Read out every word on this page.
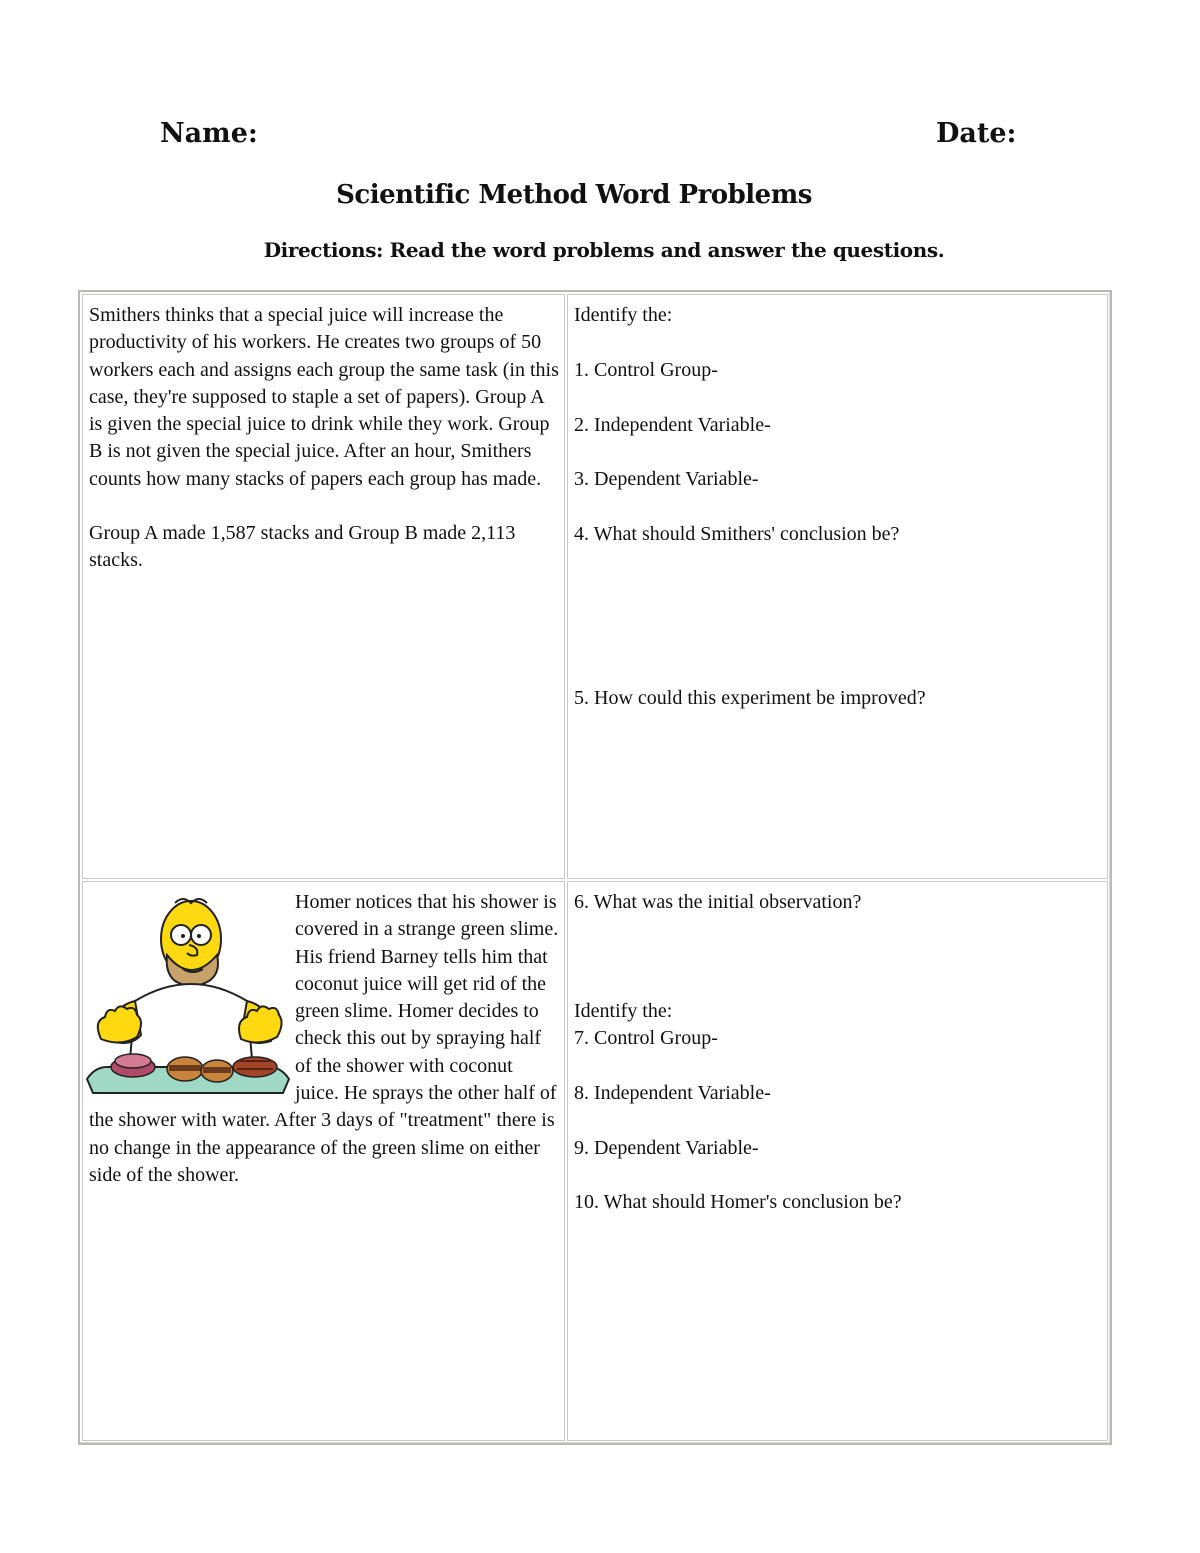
Name:	Date:
Scientific Method Word Problems

Directions: Read the word problems and answer the questions.

Smithers thinks that a special juice will increase the productivity of his workers. He creates two groups of 50 workers each and assigns each group the same task (in this case, they're supposed to staple a set of papers). Group A is given the special juice to drink while they work. Group B is not given the special juice. After an hour, Smithers counts how many stacks of papers each group has made.

Group A made 1,587 stacks and Group B made 2,113 stacks.

Identify the:

1. Control Group-

2. Independent Variable-

3. Dependent Variable-

4. What should Smithers' conclusion be?

5. How could this experiment be improved?

Homer notices that his shower is covered in a strange green slime. His friend Barney tells him that coconut juice will get rid of the green slime. Homer decides to check this out by spraying half of the shower with coconut juice. He sprays the other half of the shower with water. After 3 days of "treatment" there is no change in the appearance of the green slime on either side of the shower.

6. What was the initial observation?

Identify the:

7. Control Group-

8. Independent Variable-

9. Dependent Variable-

10. What should Homer's conclusion be?
